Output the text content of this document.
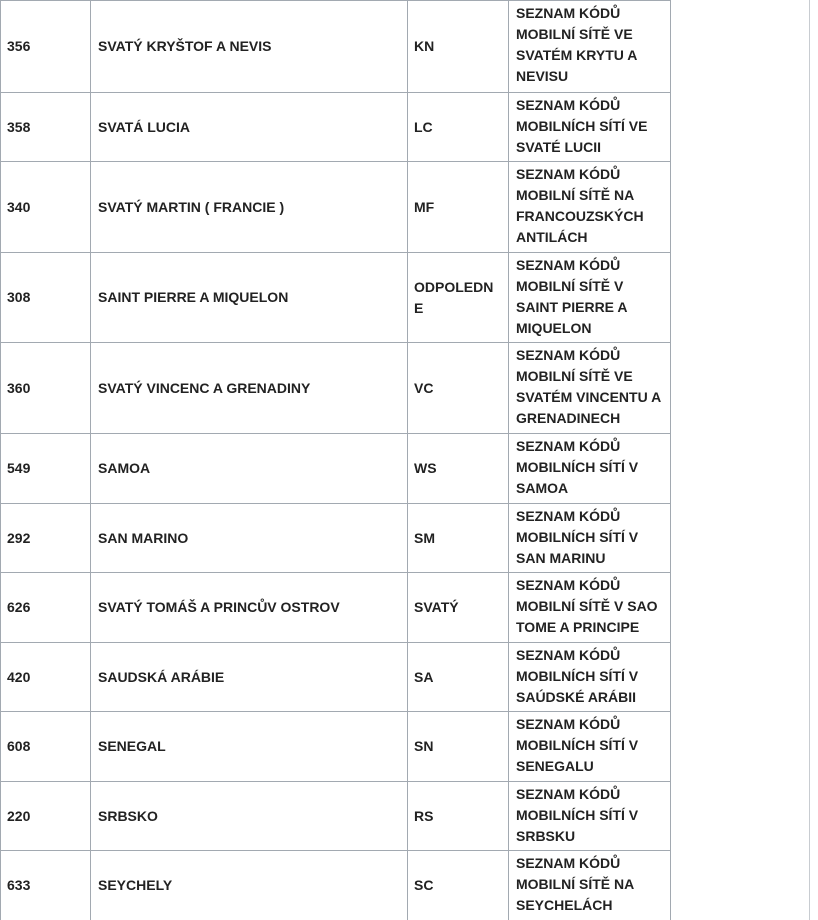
356	SVATÝ KRYŠTOF A NEVIS	KN	SEZNAM KÓDŮ MOBILNÍ SÍTĚ VE SVATÉM KRYTU A NEVISU
358	SVATÁ LUCIA	LC	SEZNAM KÓDŮ MOBILNÍCH SÍTÍ VE SVATÉ LUCII
340	SVATÝ MARTIN ( FRANCIE )	MF	SEZNAM KÓDŮ MOBILNÍ SÍTĚ NA FRANCOUZSKÝCH ANTILÁCH
308	SAINT PIERRE A MIQUELON	ODPOLEDNE	SEZNAM KÓDŮ MOBILNÍ SÍTĚ V SAINT PIERRE A MIQUELON
360	SVATÝ VINCENC A GRENADINY	VC	SEZNAM KÓDŮ MOBILNÍ SÍTĚ VE SVATÉM VINCENTU A GRENADINECH
549	SAMOA	WS	SEZNAM KÓDŮ MOBILNÍCH SÍTÍ V SAMOA
292	SAN MARINO	SM	SEZNAM KÓDŮ MOBILNÍCH SÍTÍ V SAN MARINU
626	SVATÝ TOMÁŠ A PRINCŮV OSTROV	SVATÝ	SEZNAM KÓDŮ MOBILNÍ SÍTĚ V SAO TOME A PRINCIPE
420	SAUDSKÁ ARÁBIE	SA	SEZNAM KÓDŮ MOBILNÍCH SÍTÍ V SAÚDSKÉ ARÁBII
608	SENEGAL	SN	SEZNAM KÓDŮ MOBILNÍCH SÍTÍ V SENEGALU
220	SRBSKO	RS	SEZNAM KÓDŮ MOBILNÍCH SÍTÍ V SRBSKU
633	SEYCHELY	SC	SEZNAM KÓDŮ MOBILNÍ SÍTĚ NA SEYCHELÁCH
